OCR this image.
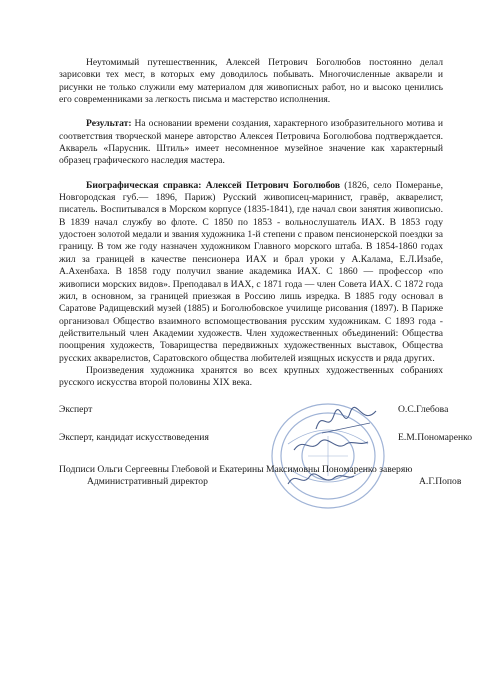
Неутомимый путешественник, Алексей Петрович Боголюбов постоянно делал зарисовки тех мест, в которых ему доводилось побывать. Многочисленные акварели и рисунки не только служили ему материалом для живописных работ, но и высоко ценились его современниками за легкость письма и мастерство исполнения.

Результат: На основании времени создания, характерного изобразительного мотива и соответствия творческой манере авторство Алексея Петровича Боголюбова подтверждается. Акварель «Парусник. Штиль» имеет несомненное музейное значение как характерный образец графического наследия мастера.

Биографическая справка: Алексей Петрович Боголюбов (1826, село Померанье, Новгородская губ.— 1896, Париж) Русский живописец-маринист, гравёр, акварелист, писатель. Воспитывался в Морском корпусе (1835-1841), где начал свои занятия живописью. В 1839 начал службу во флоте. С 1850 по 1853 - вольнослушатель ИАХ. В 1853 году удостоен золотой медали и звания художника 1-й степени с правом пенсионерской поездки за границу. В том же году назначен художником Главного морского штаба. В 1854-1860 годах жил за границей в качестве пенсионера ИАХ и брал уроки у А.Калама, Е.Л.Изабе, А.Ахенбаха. В 1858 году получил звание академика ИАХ. С 1860 — профессор «по живописи морских видов». Преподавал в ИАХ, с 1871 года — член Совета ИАХ. С 1872 года жил, в основном, за границей приезжая в Россию лишь изредка. В 1885 году основал в Саратове Радищевский музей (1885) и Боголюбовское училище рисования (1897). В Париже организовал Общество взаимного вспомоществования русским художникам. С 1893 года - действительный член Академии художеств. Член художественных объединений: Общества поощрения художеств, Товарищества передвижных художественных выставок, Общества русских акварелистов, Саратовского общества любителей изящных искусств и ряда других.

Произведения художника хранятся во всех крупных художественных собраниях русского искусства второй половины XIX века.

Эксперт	О.С.Глебова
Эксперт, кандидат искусствоведения	Е.М.Пономаренко
Подписи Ольги Сергеевны Глебовой и Екатерины Максимовны Пономаренко заверяю
Административный директор	А.Г.Попов
